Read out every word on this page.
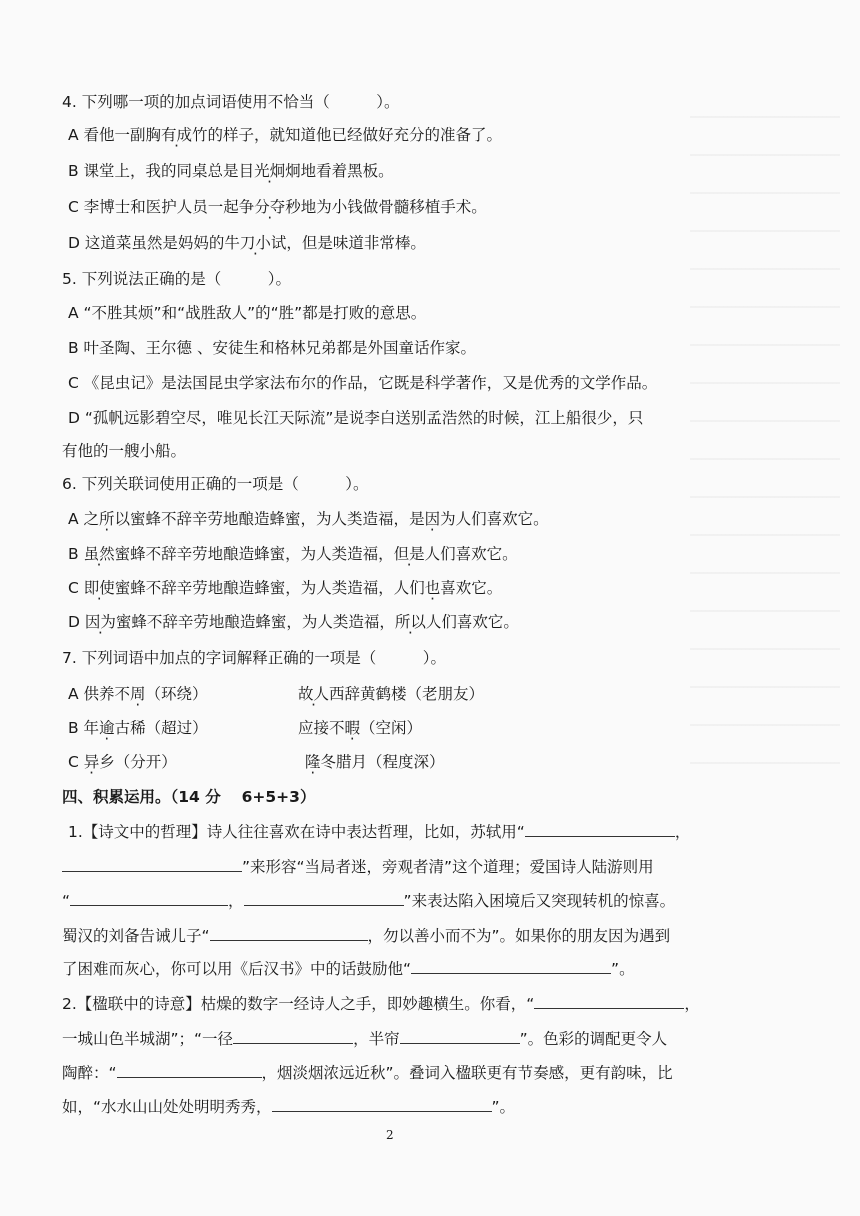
4. 下列哪一项的加点词语使用不恰当（　　　）。
A 看他一副胸有成竹的样子，就知道他已经做好充分的准备了。
B 课堂上，我的同桌总是目光炯炯地看着黑板。
C 李博士和医护人员一起争分夺秒地为小钱做骨髓移植手术。
D 这道菜虽然是妈妈的牛刀小试，但是味道非常棒。
5. 下列说法正确的是（　　　）。
A “不胜其烦”和“战胜敌人”的“胜”都是打败的意思。
B 叶圣陶、王尔德 、安徒生和格林兄弟都是外国童话作家。
C 《昆虫记》是法国昆虫学家法布尔的作品，它既是科学著作，又是优秀的文学作品。
D “孤帆远影碧空尽，唯见长江天际流”是说李白送别孟浩然的时候，江上船很少，只
有他的一艘小船。
6. 下列关联词使用正确的一项是（　　　）。
A 之所以蜜蜂不辞辛劳地酿造蜂蜜，为人类造福，是因为人们喜欢它。
B 虽然蜜蜂不辞辛劳地酿造蜂蜜，为人类造福，但是人们喜欢它。
C 即使蜜蜂不辞辛劳地酿造蜂蜜，为人类造福，人们也喜欢它。
D 因为蜜蜂不辞辛劳地酿造蜂蜜，为人类造福，所以人们喜欢它。
7. 下列词语中加点的字词解释正确的一项是（　　　）。
A 供养不周（环绕）	故人西辞黄鹤楼（老朋友）
B 年逾古稀（超过）	应接不暇（空闲）
C 异乡（分开）	隆冬腊月（程度深）
四、积累运用。（14 分　 6+5+3）
1.【诗文中的哲理】诗人往往喜欢在诗中表达哲理，比如，苏轼用“	，
”来形容“当局者迷，旁观者清”这个道理；爱国诗人陆游则用
“	，	”来表达陷入困境后又突现转机的惊喜。
蜀汉的刘备告诫儿子“	，勿以善小而不为”。如果你的朋友因为遇到
了困难而灰心，你可以用《后汉书》中的话鼓励他“	”。
2.【楹联中的诗意】枯燥的数字一经诗人之手，即妙趣横生。你看，“	，
一城山色半城湖”；“一径	，半帘	”。色彩的调配更令人
陶醉：“	，烟淡烟浓远近秋”。叠词入楹联更有节奏感，更有韵味，比
如，“水水山山处处明明秀秀，	”。
2
